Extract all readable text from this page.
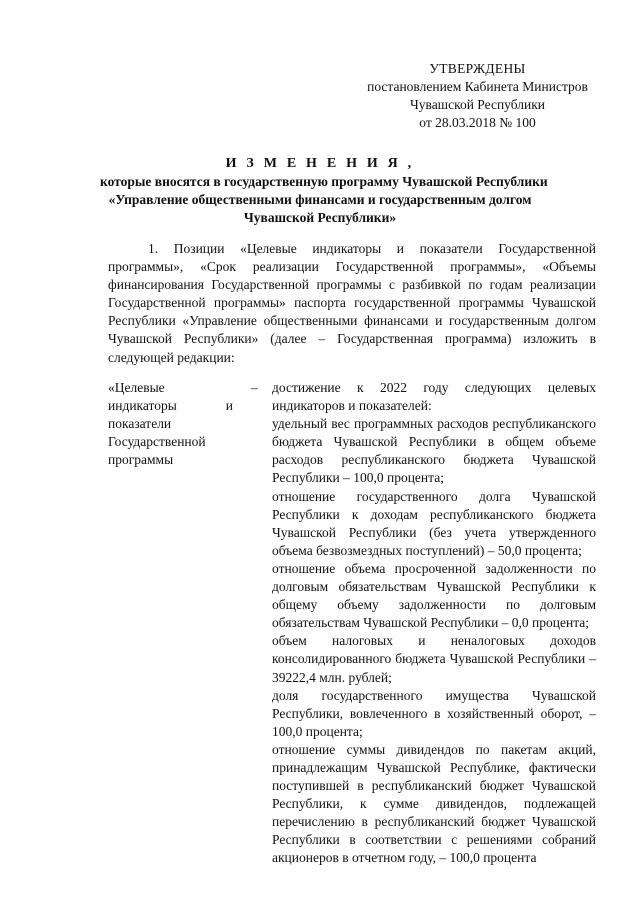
УТВЕРЖДЕНЫ
постановлением Кабинета Министров
Чувашской Республики
от 28.03.2018 № 100
И З М Е Н Е Н И Я ,
которые вносятся в государственную программу Чувашской Республики
«Управление общественными финансами и государственным долгом
Чувашской Республики»
1. Позиции «Целевые индикаторы и показатели Государственной программы», «Срок реализации Государственной программы», «Объемы финансирования Государственной программы с разбивкой по годам реализации Государственной программы» паспорта государственной программы Чувашской Республики «Управление общественными финансами и государственным долгом Чувашской Республики» (далее – Государственная программа) изложить в следующей редакции:
«Целевые индикаторы и показатели Государственной программы
– достижение к 2022 году следующих целевых индикаторов и показателей:

удельный вес программных расходов республиканского бюджета Чувашской Республики в общем объеме расходов республиканского бюджета Чувашской Республики – 100,0 процента;

отношение государственного долга Чувашской Республики к доходам республиканского бюджета Чувашской Республики (без учета утвержденного объема безвозмездных поступлений) – 50,0 процента;

отношение объема просроченной задолженности по долговым обязательствам Чувашской Республики к общему объему задолженности по долговым обязательствам Чувашской Республики – 0,0 процента;

объем налоговых и неналоговых доходов консолидированного бюджета Чувашской Республики – 39222,4 млн. рублей;

доля государственного имущества Чувашской Республики, вовлеченного в хозяйственный оборот, – 100,0 процента;

отношение суммы дивидендов по пакетам акций, принадлежащим Чувашской Республике, фактически поступившей в республиканский бюджет Чувашской Республики, к сумме дивидендов, подлежащей перечислению в республиканский бюджет Чувашской Республики в соответствии с решениями собраний акционеров в отчетном году, – 100,0 процента
